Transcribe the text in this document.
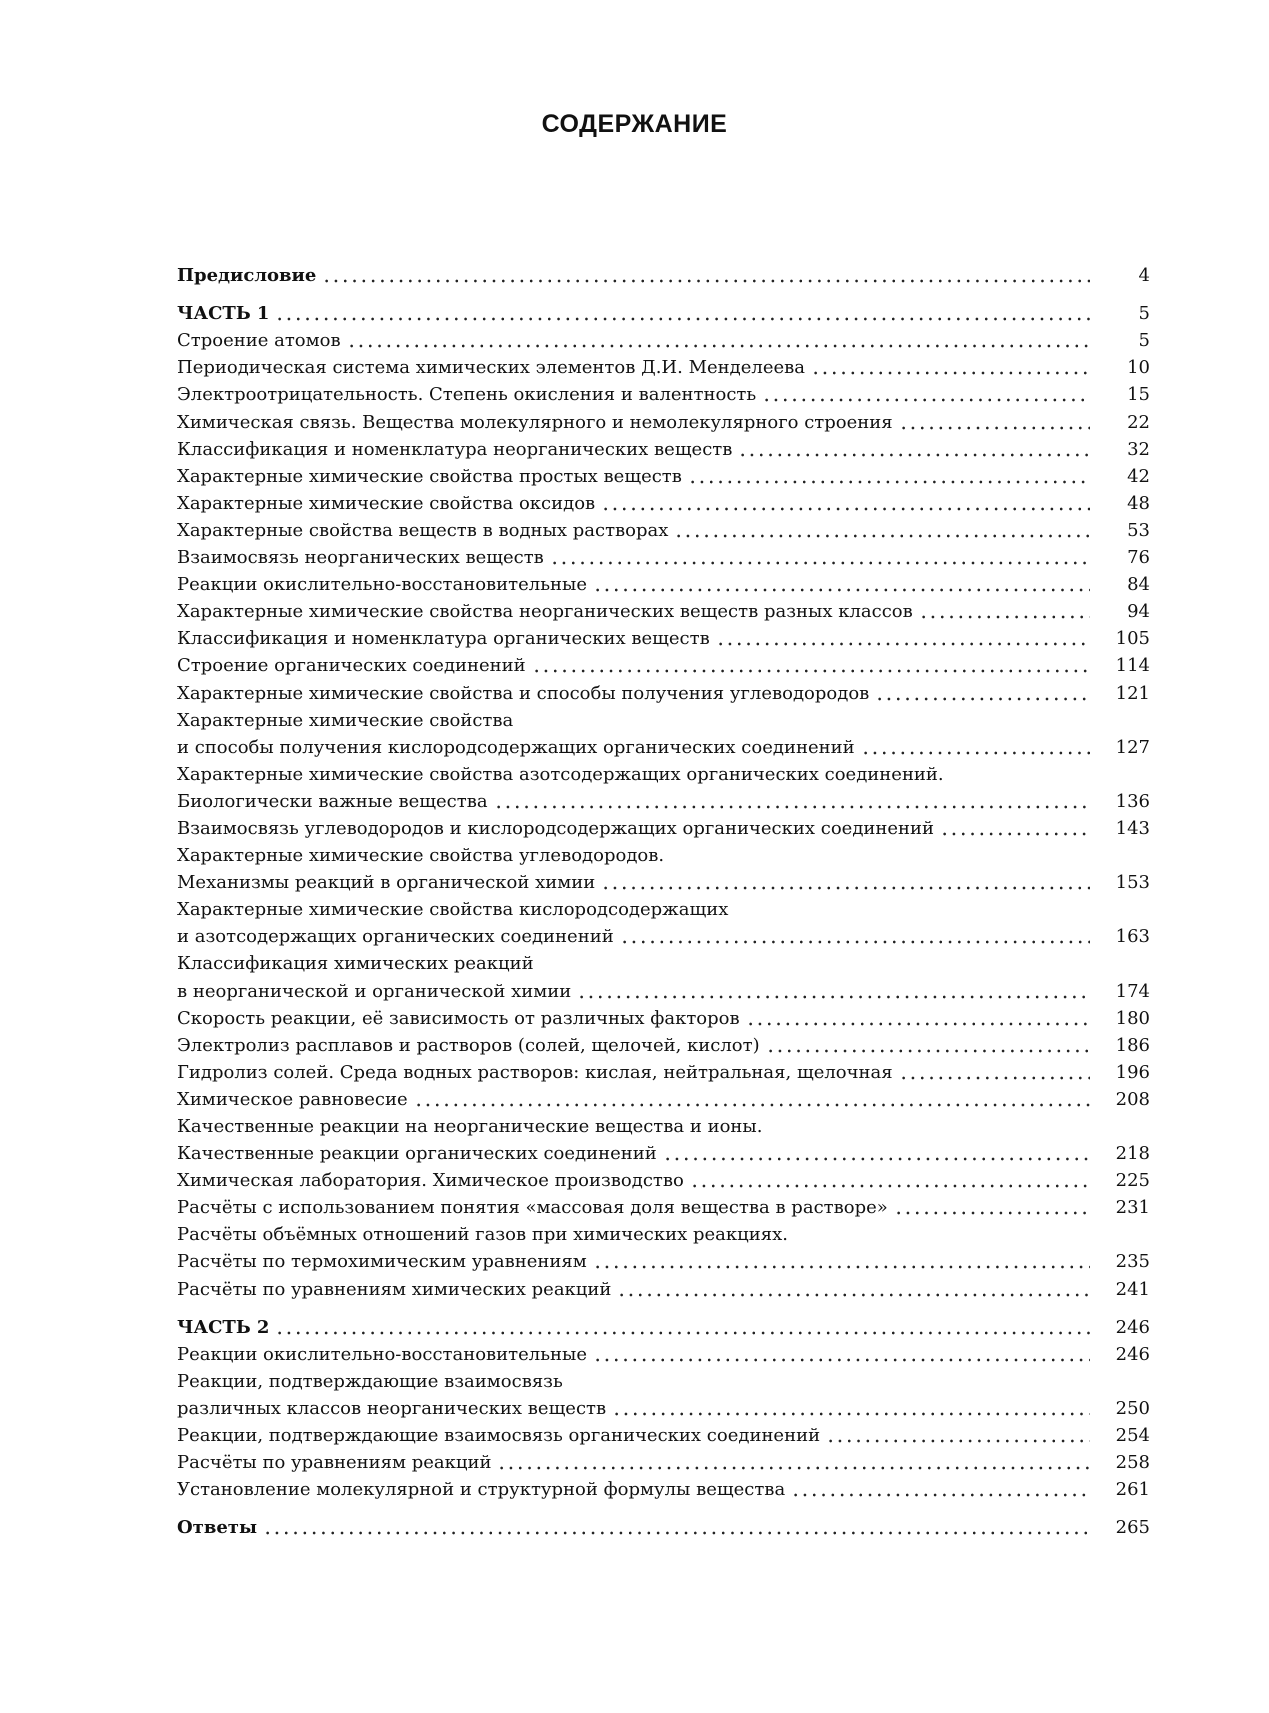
СОДЕРЖАНИЕ
Предисловие	4
ЧАСТЬ 1	5
Строение атомов	5
Периодическая система химических элементов Д.И. Менделеева	10
Электроотрицательность. Степень окисления и валентность	15
Химическая связь. Вещества молекулярного и немолекулярного строения	22
Классификация и номенклатура неорганических веществ	32
Характерные химические свойства простых веществ	42
Характерные химические свойства оксидов	48
Характерные свойства веществ в водных растворах	53
Взаимосвязь неорганических веществ	76
Реакции окислительно-восстановительные	84
Характерные химические свойства неорганических веществ разных классов	94
Классификация и номенклатура органических веществ	105
Строение органических соединений	114
Характерные химические свойства и способы получения углеводородов	121
Характерные химические свойства
и способы получения кислородсодержащих органических соединений	127
Характерные химические свойства азотсодержащих органических соединений.
Биологически важные вещества	136
Взаимосвязь углеводородов и кислородсодержащих органических соединений	143
Характерные химические свойства углеводородов.
Механизмы реакций в органической химии	153
Характерные химические свойства кислородсодержащих
и азотсодержащих органических соединений	163
Классификация химических реакций
в неорганической и органической химии	174
Скорость реакции, её зависимость от различных факторов	180
Электролиз расплавов и растворов (солей, щелочей, кислот)	186
Гидролиз солей. Среда водных растворов: кислая, нейтральная, щелочная	196
Химическое равновесие	208
Качественные реакции на неорганические вещества и ионы.
Качественные реакции органических соединений	218
Химическая лаборатория. Химическое производство	225
Расчёты с использованием понятия «массовая доля вещества в растворе»	231
Расчёты объёмных отношений газов при химических реакциях.
Расчёты по термохимическим уравнениям	235
Расчёты по уравнениям химических реакций	241
ЧАСТЬ 2	246
Реакции окислительно-восстановительные	246
Реакции, подтверждающие взаимосвязь
различных классов неорганических веществ	250
Реакции, подтверждающие взаимосвязь органических соединений	254
Расчёты по уравнениям реакций	258
Установление молекулярной и структурной формулы вещества	261
Ответы	265
